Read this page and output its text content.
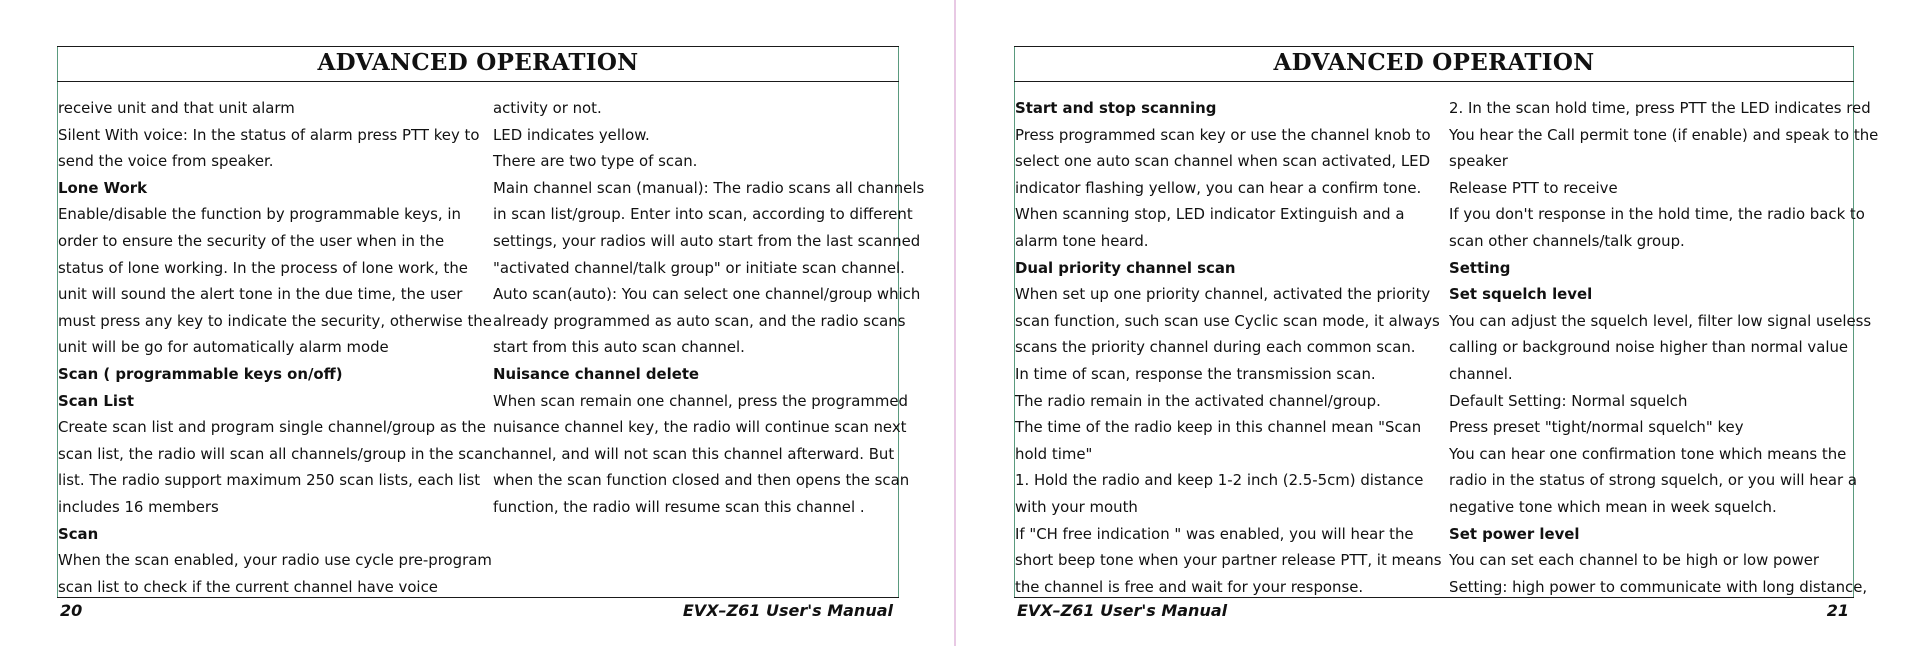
ADVANCED OPERATION
receive unit and that unit alarm
Silent With voice: In the status of alarm press PTT key to
send the voice from speaker.
Lone Work
Enable/disable the function by programmable keys, in
order to ensure the security of the user when in the
status of lone working. In the process of lone work, the
unit will sound the alert tone in the due time, the user
must press any key to indicate the security, otherwise the
unit will be go for automatically alarm mode
Scan ( programmable keys on/off)
Scan List
Create scan list and program single channel/group as the
scan list, the radio will scan all channels/group in the scan
list. The radio support maximum 250 scan lists, each list
includes 16 members
Scan
When the scan enabled, your radio use cycle pre-program
scan list to check if the current channel have voice
activity or not.
LED indicates yellow.
There are two type of scan.
Main channel scan (manual): The radio scans all channels
in scan list/group. Enter into scan, according to different
settings, your radios will auto start from the last scanned
"activated channel/talk group" or initiate scan channel.
Auto scan(auto): You can select one channel/group which
already programmed as auto scan, and the radio scans
start from this auto scan channel.
Nuisance channel delete
When scan remain one channel, press the programmed
nuisance channel key, the radio will continue scan next
channel, and will not scan this channel afterward. But
when the scan function closed and then opens the scan
function, the radio will resume scan this channel .
20	EVX–Z61 User's Manual
ADVANCED OPERATION
Start and stop scanning
Press programmed scan key or use the channel knob to
select one auto scan channel when scan activated, LED
indicator flashing yellow, you can hear a confirm tone.
When scanning stop, LED indicator Extinguish and a
alarm tone heard.
Dual priority channel scan
When set up one priority channel, activated the priority
scan function, such scan use Cyclic scan mode, it always
scans the priority channel during each common scan.
In time of scan, response the transmission scan.
The radio remain in the activated channel/group.
The time of the radio keep in this channel mean "Scan
hold time"
1. Hold the radio and keep 1-2 inch (2.5-5cm) distance
with your mouth
If "CH free indication " was enabled, you will hear the
short beep tone when your partner release PTT, it means
the channel is free and wait for your response.
2. In the scan hold time, press PTT the LED indicates red
You hear the Call permit tone (if enable) and speak to the
speaker
Release PTT to receive
If you don't response in the hold time, the radio back to
scan other channels/talk group.
Setting
Set squelch level
You can adjust the squelch level, filter low signal useless
calling or background noise higher than normal value
channel.
Default Setting: Normal squelch
Press preset "tight/normal squelch" key
You can hear one confirmation tone which means the
radio in the status of strong squelch, or you will hear a
negative tone which mean in week squelch.
Set power level
You can set each channel to be high or low power
Setting: high power to communicate with long distance,
EVX–Z61 User's Manual	21
